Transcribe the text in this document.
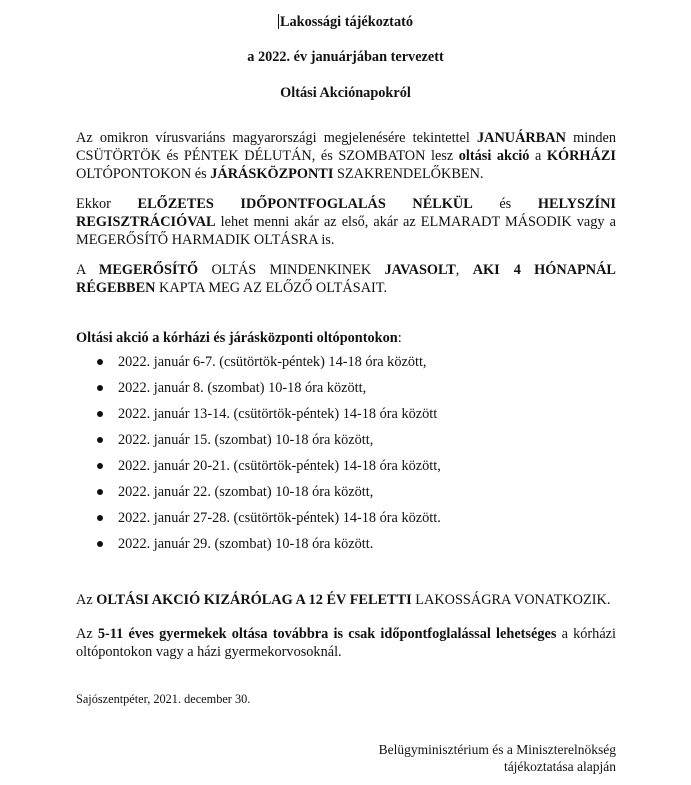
Lakossági tájékoztató
a 2022. év januárjában tervezett
Oltási Akciónapokról
Az omikron vírusvariáns magyarországi megjelenésére tekintettel JANUÁRBAN minden CSÜTÖRTÖK és PÉNTEK DÉLUTÁN, és SZOMBATON lesz oltási akció a KÓRHÁZI OLTÓPONTOKON és JÁRÁSKÖZPONTI SZAKRENDELŐKBEN.
Ekkor ELŐZETES IDŐPONTFOGLALÁS NÉLKÜL és HELYSZÍNI REGISZTRÁCIÓVAL lehet menni akár az első, akár az ELMARADT MÁSODIK vagy a MEGERŐSÍTŐ HARMADIK OLTÁSRA is.
A MEGERŐSÍTŐ OLTÁS MINDENKINEK JAVASOLT, AKI 4 HÓNAPNÁL RÉGEBBEN KAPTA MEG AZ ELŐZŐ OLTÁSAIT.
Oltási akció a kórházi és járásközponti oltópontokon:
2022. január 6-7. (csütörtök-péntek) 14-18 óra között,
2022. január 8. (szombat) 10-18 óra között,
2022. január 13-14. (csütörtök-péntek) 14-18 óra között
2022. január 15. (szombat) 10-18 óra között,
2022. január 20-21. (csütörtök-péntek) 14-18 óra között,
2022. január 22. (szombat) 10-18 óra között,
2022. január 27-28. (csütörtök-péntek) 14-18 óra között.
2022. január 29. (szombat) 10-18 óra között.
Az OLTÁSI AKCIÓ KIZÁRÓLAG A 12 ÉV FELETTI LAKOSSÁGRA VONATKOZIK.
Az 5-11 éves gyermekek oltása továbbra is csak időpontfoglalással lehetséges a kórházi oltópontokon vagy a házi gyermekorvosoknál.
Sajószentpéter, 2021. december 30.
Belügyminisztérium és a Miniszterelnökség
tájékoztatása alapján
